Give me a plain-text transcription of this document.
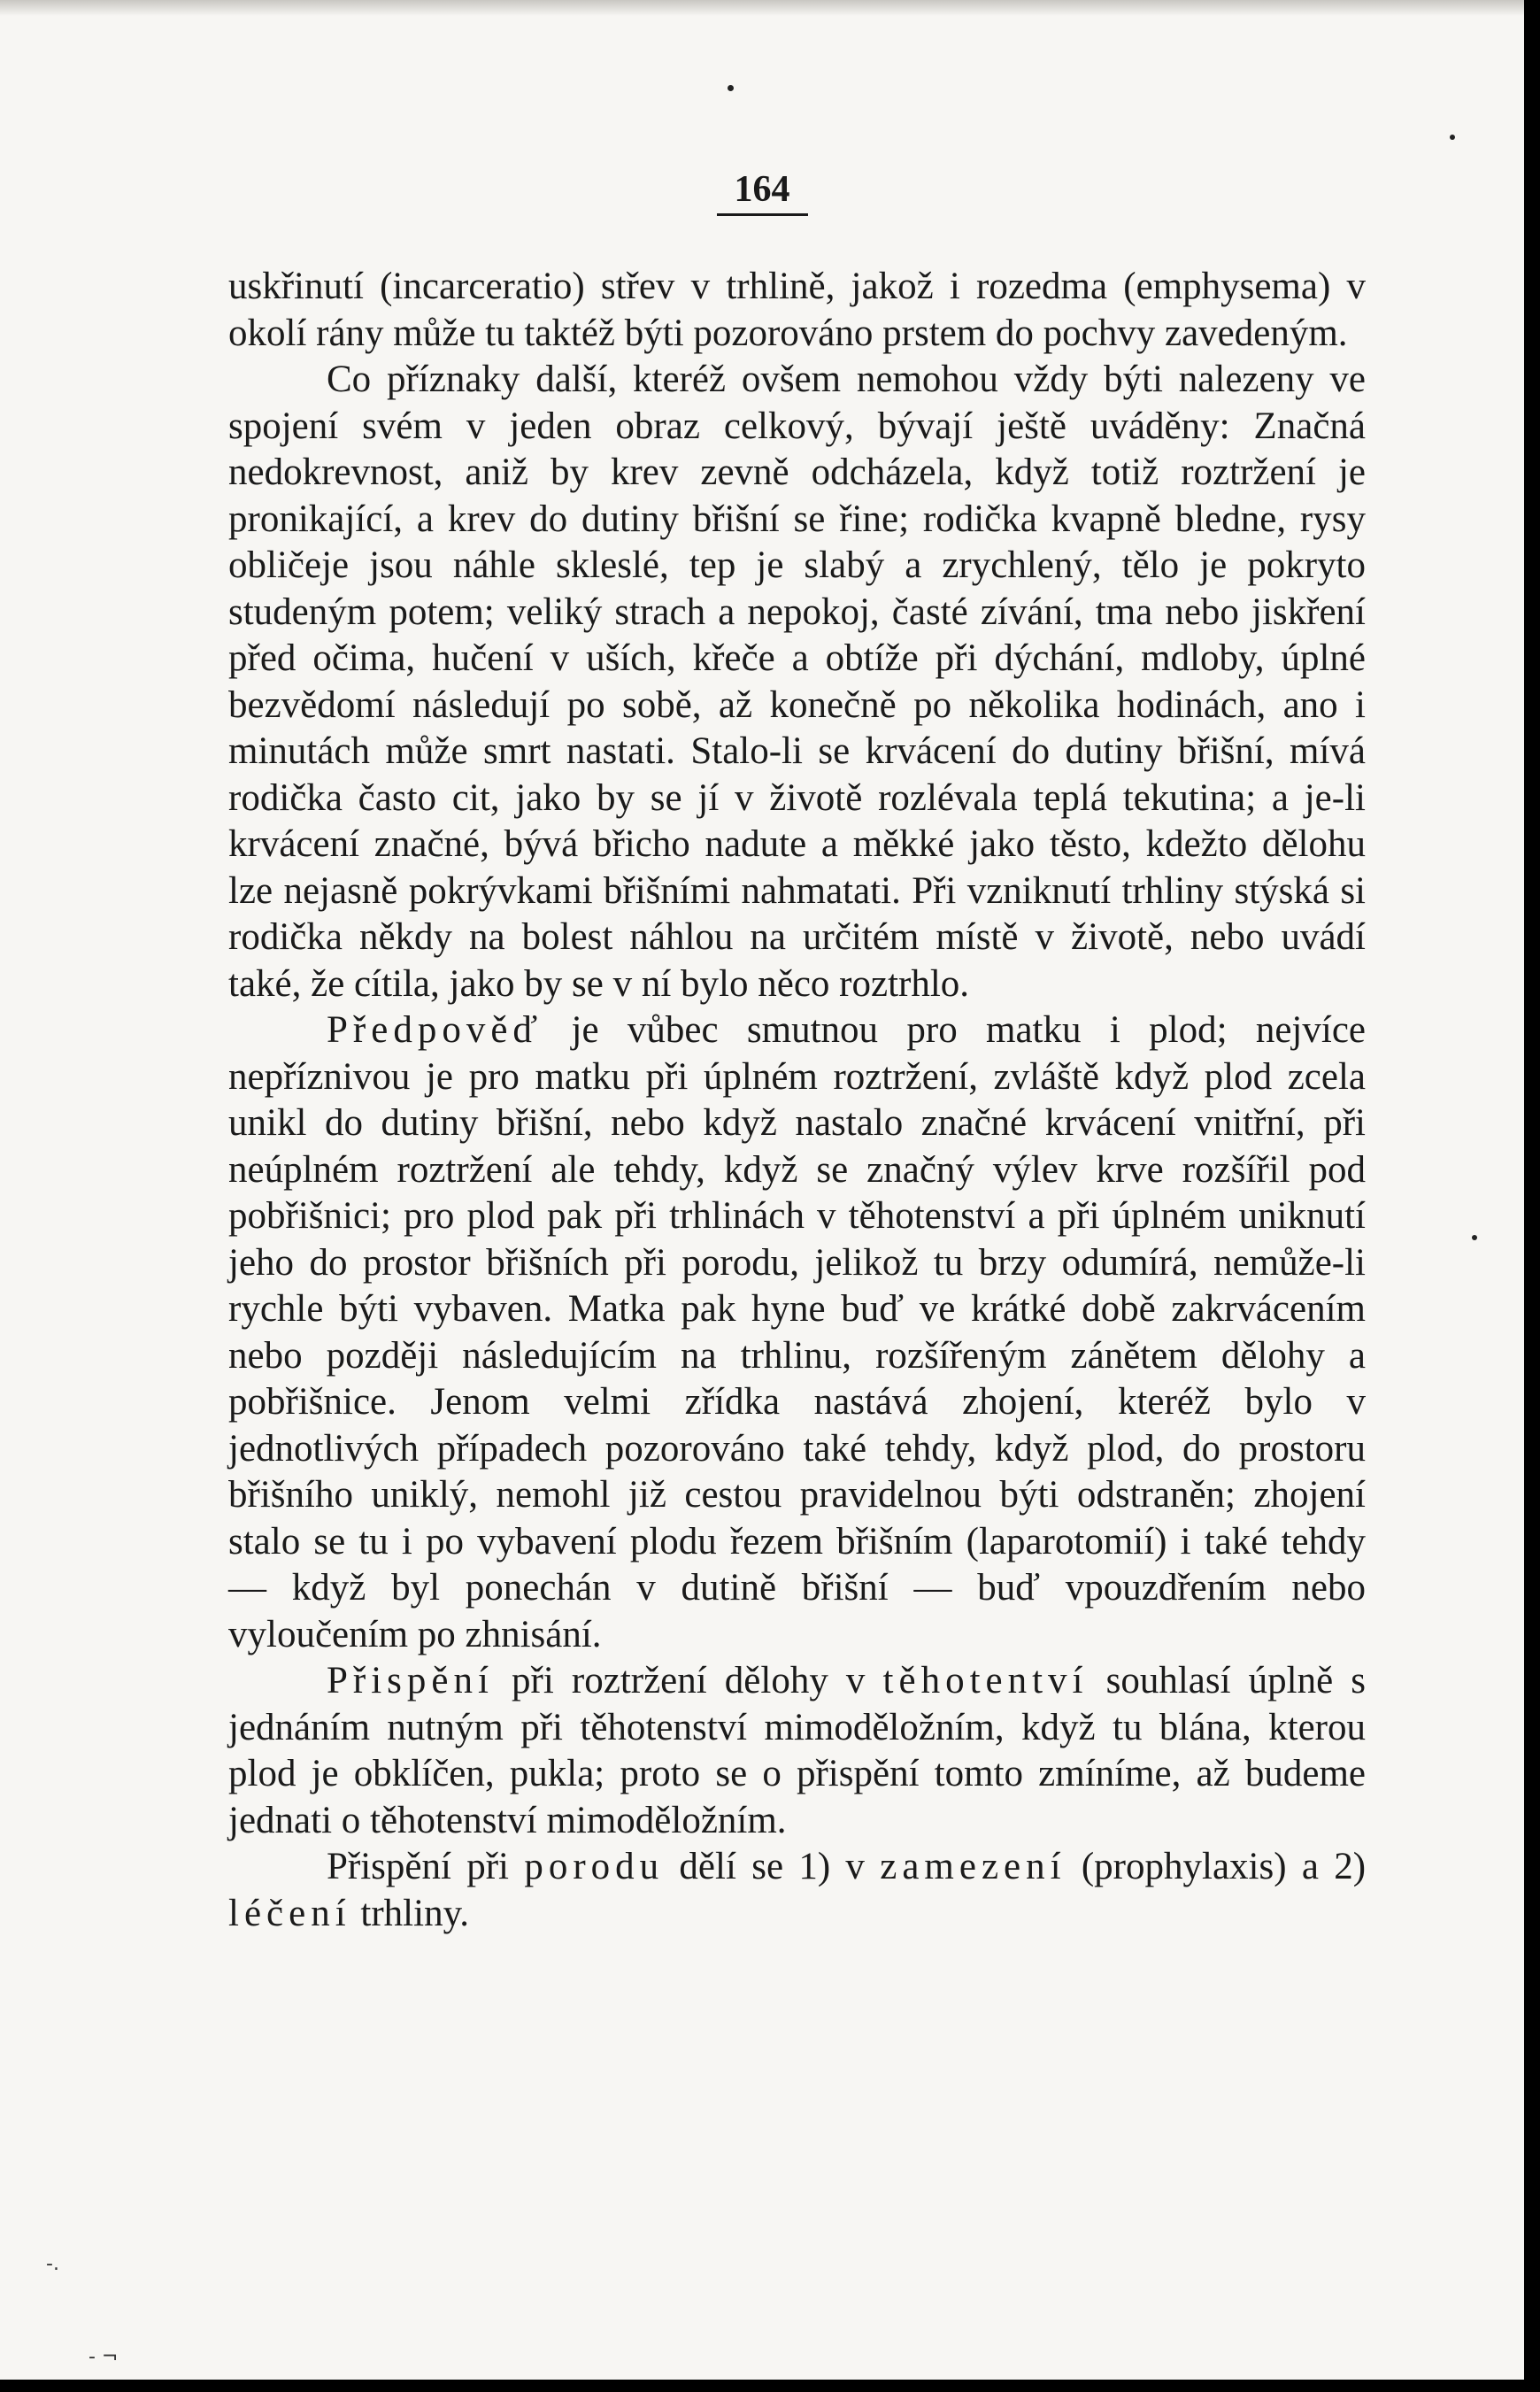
-.
- ¬
164

uskřinutí (incarceratio) střev v trhlině, jakož i rozedma (emphysema) v okolí rány může tu taktéž býti pozorováno prstem do pochvy zavedeným.

Co příznaky další, kteréž ovšem nemohou vždy býti nalezeny ve spojení svém v jeden obraz celkový, bývají ještě uváděny: Značná nedokrevnost, aniž by krev zevně odcházela, když totiž roztržení je pronikající, a krev do dutiny břišní se řine; rodička kvapně bledne, rysy obličeje jsou náhle skleslé, tep je slabý a zrychlený, tělo je pokryto studeným potem; veliký strach a nepokoj, časté zívání, tma nebo jiskření před očima, hučení v uších, křeče a obtíže při dýchání, mdloby, úplné bezvědomí následují po sobě, až konečně po několika hodinách, ano i minutách může smrt nastati. Stalo-li se krvácení do dutiny břišní, mívá rodička často cit, jako by se jí v životě rozlévala teplá tekutina; a je-li krvácení značné, bývá břicho nadute a měkké jako těsto, kdežto dělohu lze nejasně pokrývkami břišními nahmatati. Při vzniknutí trhliny stýská si rodička někdy na bolest náhlou na určitém místě v životě, nebo uvádí také, že cítila, jako by se v ní bylo něco roztrhlo.

Předpověď je vůbec smutnou pro matku i plod; nejvíce nepříznivou je pro matku při úplném roztržení, zvláště když plod zcela unikl do dutiny břišní, nebo když nastalo značné krvácení vnitřní, při neúplném roztržení ale tehdy, když se značný výlev krve rozšířil pod pobřišnici; pro plod pak při trhlinách v těhotenství a při úplném uniknutí jeho do prostor břišních při porodu, jelikož tu brzy odumírá, nemůže-li rychle býti vybaven. Matka pak hyne buď ve krátké době zakrvácením nebo později následujícím na trhlinu, rozšířeným zánětem dělohy a pobřišnice. Jenom velmi zřídka nastává zhojení, kteréž bylo v jednotlivých případech pozorováno také tehdy, když plod, do prostoru břišního uniklý, nemohl již cestou pravidelnou býti odstraněn; zhojení stalo se tu i po vybavení plodu řezem břišním (laparotomií) i také tehdy — když byl ponechán v dutině břišní — buď vpouzdřením nebo vyloučením po zhnisání.

Přispění při roztržení dělohy v těhotentví souhlasí úplně s jednáním nutným při těhotenství mimoděložním, když tu blána, kterou plod je obklíčen, pukla; proto se o přispění tomto zmíníme, až budeme jednati o těhotenství mimoděložním.

Přispění při porodu dělí se 1) v zamezení (prophylaxis) a 2) léčení trhliny.
